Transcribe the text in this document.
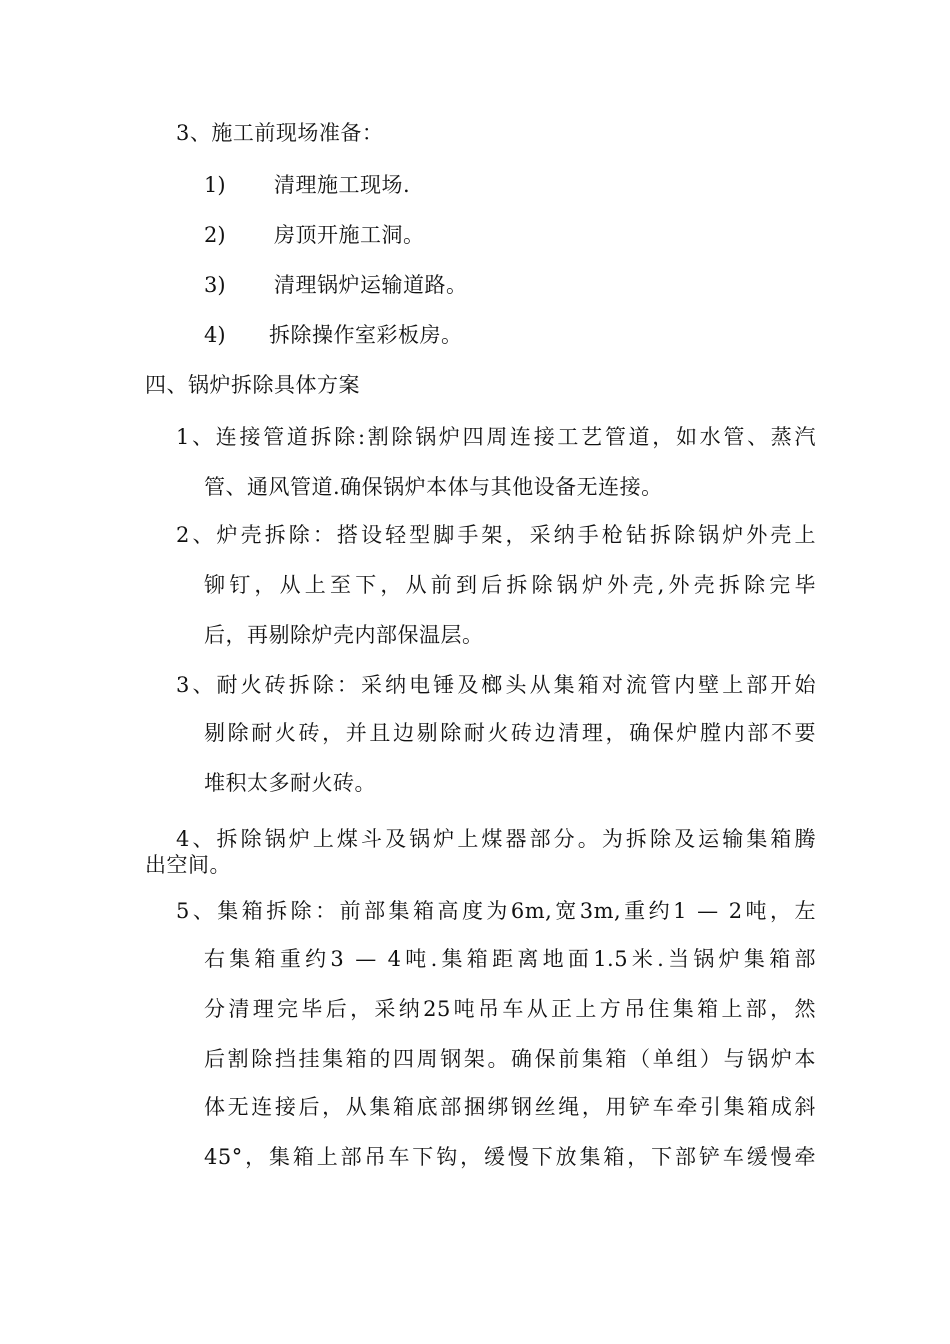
3、施工前现场准备：
1) 清理施工现场.
2) 房顶开施工洞。
3) 清理锅炉运输道路。
4) 拆除操作室彩板房。
四、锅炉拆除具体方案
1、连接管道拆除:割除锅炉四周连接工艺管道，如水管、蒸汽
管、通风管道.确保锅炉本体与其他设备无连接。
2、炉壳拆除：搭设轻型脚手架，采纳手枪钻拆除锅炉外壳上
铆钉，从上至下，从前到后拆除锅炉外壳,外壳拆除完毕
后，再剔除炉壳内部保温层。
3、耐火砖拆除：采纳电锤及榔头从集箱对流管内壁上部开始
剔除耐火砖，并且边剔除耐火砖边清理，确保炉膛内部不要
堆积太多耐火砖。
4、拆除锅炉上煤斗及锅炉上煤器部分。为拆除及运输集箱腾
出空间。
5、集箱拆除：前部集箱高度为6m,宽3m,重约1 — 2吨，左
右集箱重约3 — 4吨.集箱距离地面1.5米.当锅炉集箱部
分清理完毕后，采纳25吨吊车从正上方吊住集箱上部，然
后割除挡挂集箱的四周钢架。确保前集箱（单组）与锅炉本
体无连接后，从集箱底部捆绑钢丝绳，用铲车牵引集箱成斜
45°，集箱上部吊车下钩，缓慢下放集箱，下部铲车缓慢牵
